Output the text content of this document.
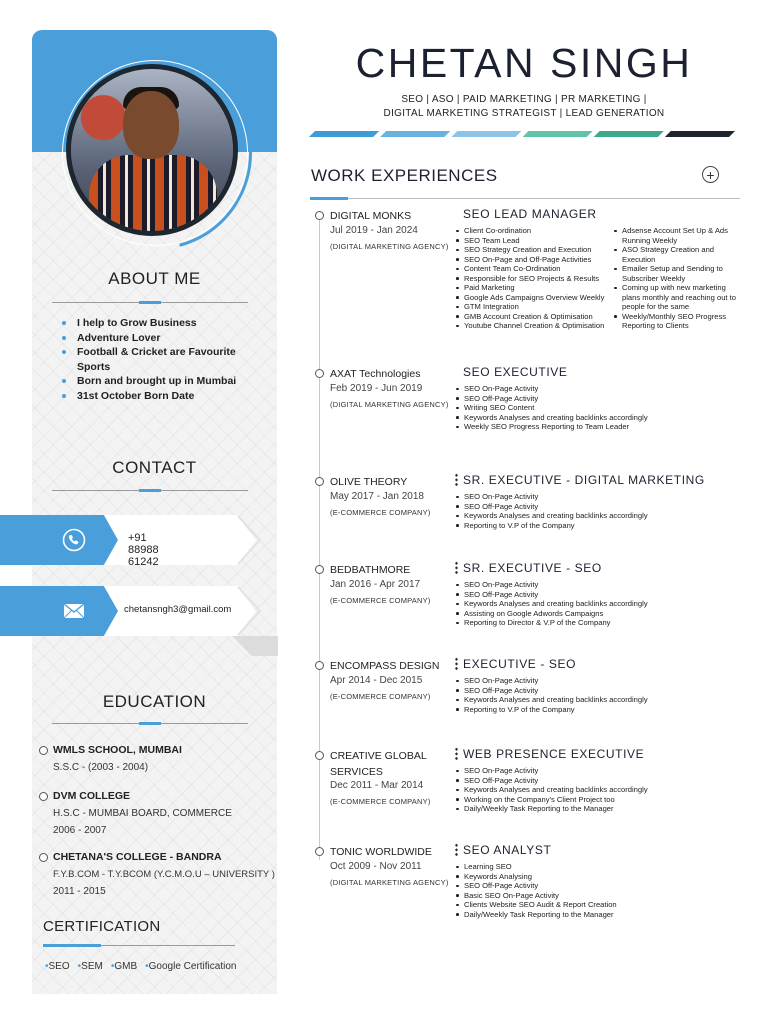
ABOUT ME
I help to Grow Business
Adventure Lover
Football & Cricket are Favourite Sports
Born and brought up in Mumbai
31st October Born Date
CONTACT
+91 88988 61242
chetansngh3@gmail.com
EDUCATION
WMLS SCHOOL, MUMBAI
S.S.C - (2003 - 2004)
DVM COLLEGE
H.S.C - MUMBAI BOARD, COMMERCE
2006 - 2007
CHETANA'S COLLEGE - BANDRA
F.Y.B.COM - T.Y.BCOM (Y.C.M.O.U – UNIVERSITY )
2011 - 2015
CERTIFICATION
• SEO	• SEM	• GMB	• Google Certification
CHETAN SINGH
SEO | ASO | PAID MARKETING | PR MARKETING |
DIGITAL MARKETING STRATEGIST | LEAD GENERATION
WORK EXPERIENCES	+
DIGITAL MONKS
Jul 2019 - Jan 2024
(DIGITAL MARKETING AGENCY)
SEO LEAD MANAGER
Client Co-ordination
SEO Team Lead
SEO Strategy Creation and Execution
SEO On-Page and Off-Page Activities
Content Team Co-Ordination
Responsible for SEO Projects & Results
Paid Marketing
Google Ads Campaigns Overview Weekly
GTM Integration
GMB Account Creation & Optimisation
Youtube Channel Creation & Optimisation
Adsense Account Set Up & Ads Running Weekly
ASO Strategy Creation and Execution
Emailer Setup and Sending to Subscriber Weekly
Coming up with new marketing plans monthly and reaching out to people for the same
Weekly/Monthly SEO Progress Reporting to Clients
AXAT Technologies
Feb 2019 - Jun 2019
(DIGITAL MARKETING AGENCY)
SEO EXECUTIVE
SEO On-Page Activity
SEO Off-Page Activity
Writing SEO Content
Keywords Analyses and creating backlinks accordingly
Weekly SEO Progress Reporting to Team Leader
OLIVE THEORY
May 2017 - Jan 2018
(E-COMMERCE COMPANY)
SR. EXECUTIVE - DIGITAL MARKETING
SEO On-Page Activity
SEO Off-Page Activity
Keywords Analyses and creating backlinks accordingly
Reporting to V.P of the Company
BEDBATHMORE
Jan 2016 - Apr 2017
(E-COMMERCE COMPANY)
SR. EXECUTIVE - SEO
SEO On-Page Activity
SEO Off-Page Activity
Keywords Analyses and creating backlinks accordingly
Assisting on Google Adwords Campaigns
Reporting to Director & V.P of the Company
ENCOMPASS DESIGN
Apr 2014 - Dec 2015
(E-COMMERCE COMPANY)
EXECUTIVE - SEO
SEO On-Page Activity
SEO Off-Page Activity
Keywords Analyses and creating backlinks accordingly
Reporting to V.P of the Company
CREATIVE GLOBAL SERVICES
Dec 2011 - Mar 2014
(E-COMMERCE COMPANY)
WEB PRESENCE EXECUTIVE
SEO On-Page Activity
SEO Off-Page Activity
Keywords Analyses and creating backlinks accordingly
Working on the Company's Client Project too
Daily/Weekly Task Reporting to the Manager
TONIC WORLDWIDE
Oct 2009 - Nov 2011
(DIGITAL MARKETING AGENCY)
SEO ANALYST
Learning SEO
Keywords Analysing
SEO Off-Page Activity
Basic SEO On-Page Activity
Clients Website SEO Audit & Report Creation
Daily/Weekly Task Reporting to the Manager
